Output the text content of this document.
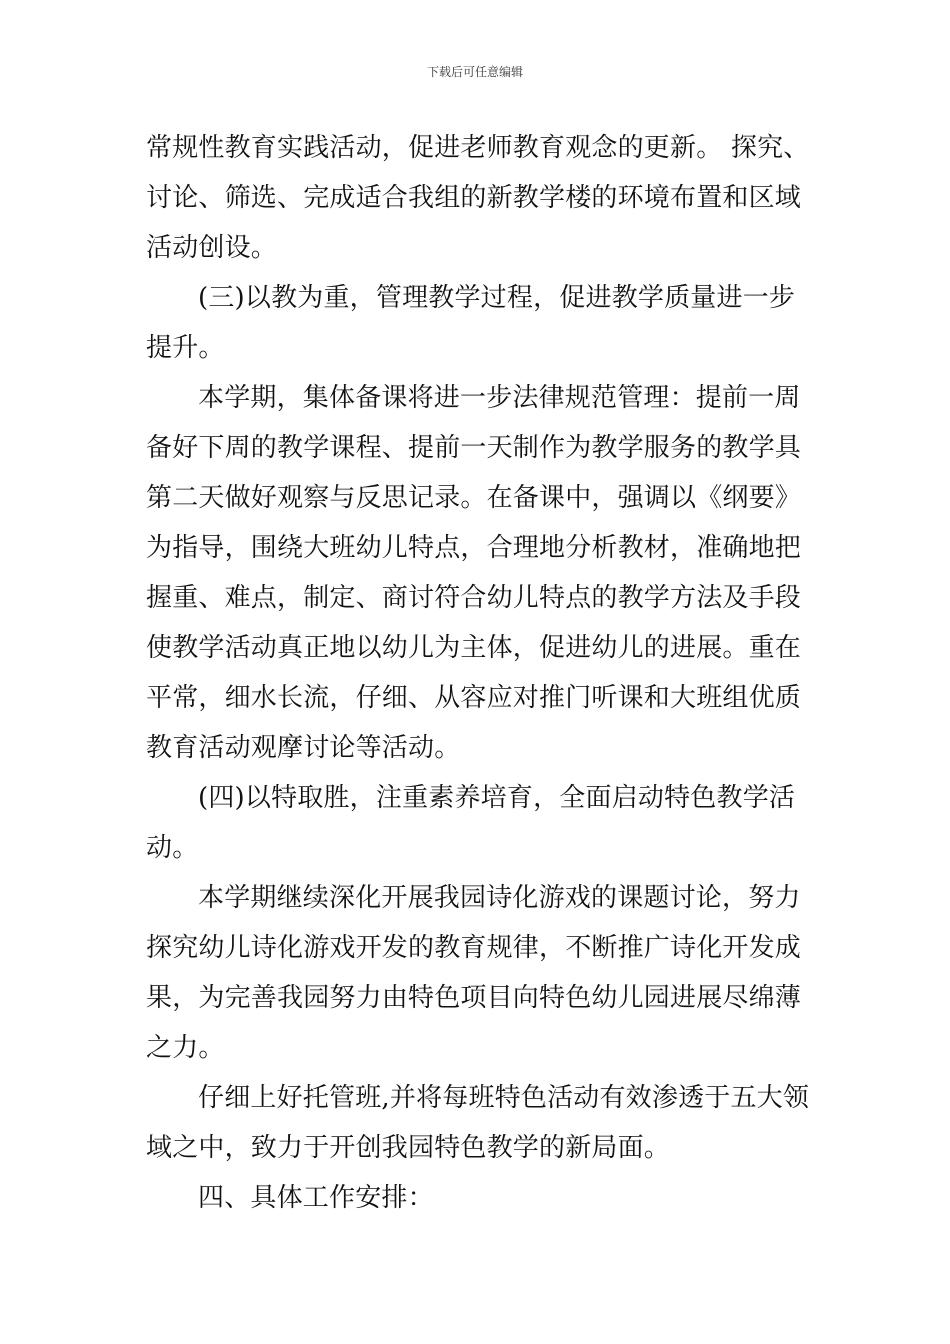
下载后可任意编辑
常规性教育实践活动，促进老师教育观念的更新。 探究、
讨论、筛选、完成适合我组的新教学楼的环境布置和区域
活动创设。
(三)以教为重，管理教学过程，促进教学质量进一步
提升。
本学期，集体备课将进一步法律规范管理：提前一周
备好下周的教学课程、提前一天制作为教学服务的教学具
第二天做好观察与反思记录。在备课中，强调以《纲要》
为指导，围绕大班幼儿特点，合理地分析教材，准确地把
握重、难点，制定、商讨符合幼儿特点的教学方法及手段
使教学活动真正地以幼儿为主体，促进幼儿的进展。重在
平常，细水长流，仔细、从容应对推门听课和大班组优质
教育活动观摩讨论等活动。
(四)以特取胜，注重素养培育，全面启动特色教学活
动。
本学期继续深化开展我园诗化游戏的课题讨论，努力
探究幼儿诗化游戏开发的教育规律，不断推广诗化开发成
果，为完善我园努力由特色项目向特色幼儿园进展尽绵薄
之力。
仔细上好托管班,并将每班特色活动有效渗透于五大领
域之中，致力于开创我园特色教学的新局面。
四、具体工作安排：
